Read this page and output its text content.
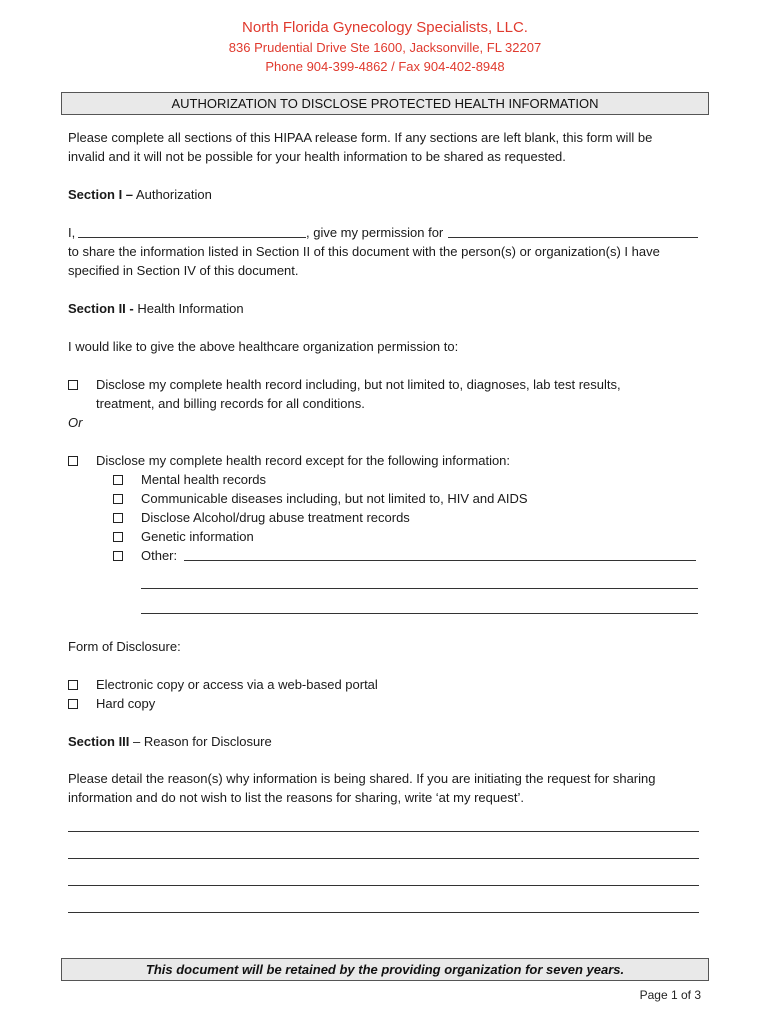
North Florida Gynecology Specialists, LLC.
836 Prudential Drive Ste 1600, Jacksonville, FL 32207
Phone 904-399-4862 / Fax 904-402-8948
AUTHORIZATION TO DISCLOSE PROTECTED HEALTH INFORMATION
Please complete all sections of this HIPAA release form. If any sections are left blank, this form will be
invalid and it will not be possible for your health information to be shared as requested.
Section I – Authorization
I,	, give my permission for
to share the information listed in Section II of this document with the person(s) or organization(s) I have
specified in Section IV of this document.
Section II - Health Information
I would like to give the above healthcare organization permission to:
Disclose my complete health record including, but not limited to, diagnoses, lab test results,
treatment, and billing records for all conditions.
Or
Disclose my complete health record except for the following information:
Mental health records
Communicable diseases including, but not limited to, HIV and AIDS
Disclose Alcohol/drug abuse treatment records
Genetic information
Other:
Form of Disclosure:
Electronic copy or access via a web-based portal
Hard copy
Section III – Reason for Disclosure
Please detail the reason(s) why information is being shared. If you are initiating the request for sharing
information and do not wish to list the reasons for sharing, write ‘at my request’.
This document will be retained by the providing organization for seven years.
Page 1 of 3
